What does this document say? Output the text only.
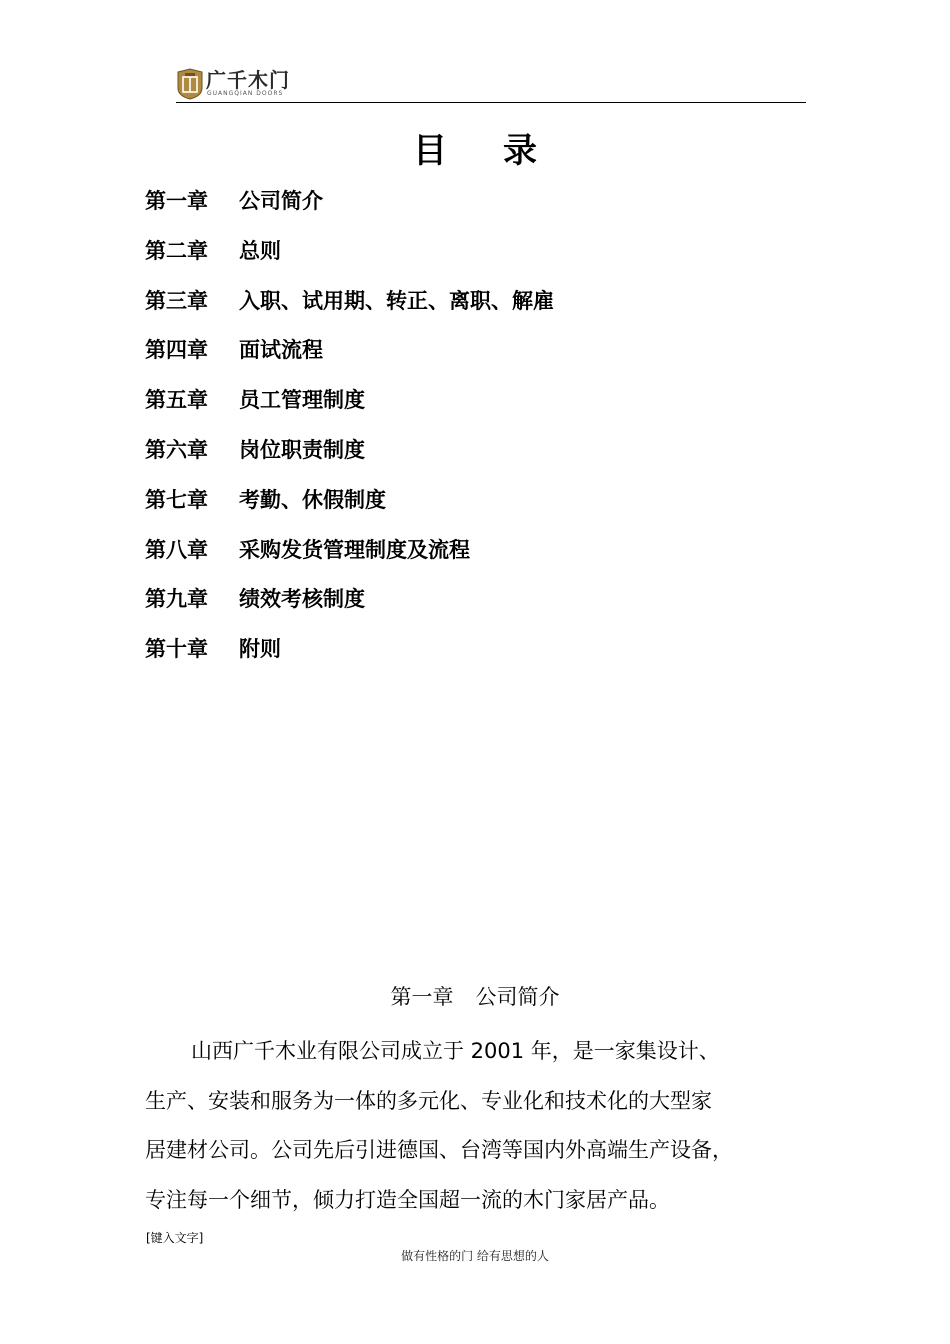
广千木门
GUANGQIAN DOORS
目录
第一章 公司简介
第二章 总则
第三章 入职、试用期、转正、离职、解雇
第四章 面试流程
第五章 员工管理制度
第六章 岗位职责制度
第七章 考勤、休假制度
第八章 采购发货管理制度及流程
第九章 绩效考核制度
第十章 附则
第一章 公司简介

山西广千木业有限公司成立于 2001 年，是一家集设计、
生产、安装和服务为一体的多元化、专业化和技术化的大型家
居建材公司。公司先后引进德国、台湾等国内外高端生产设备，
专注每一个细节，倾力打造全国超一流的木门家居产品。

[键入文字]
做有性格的门 给有思想的人
